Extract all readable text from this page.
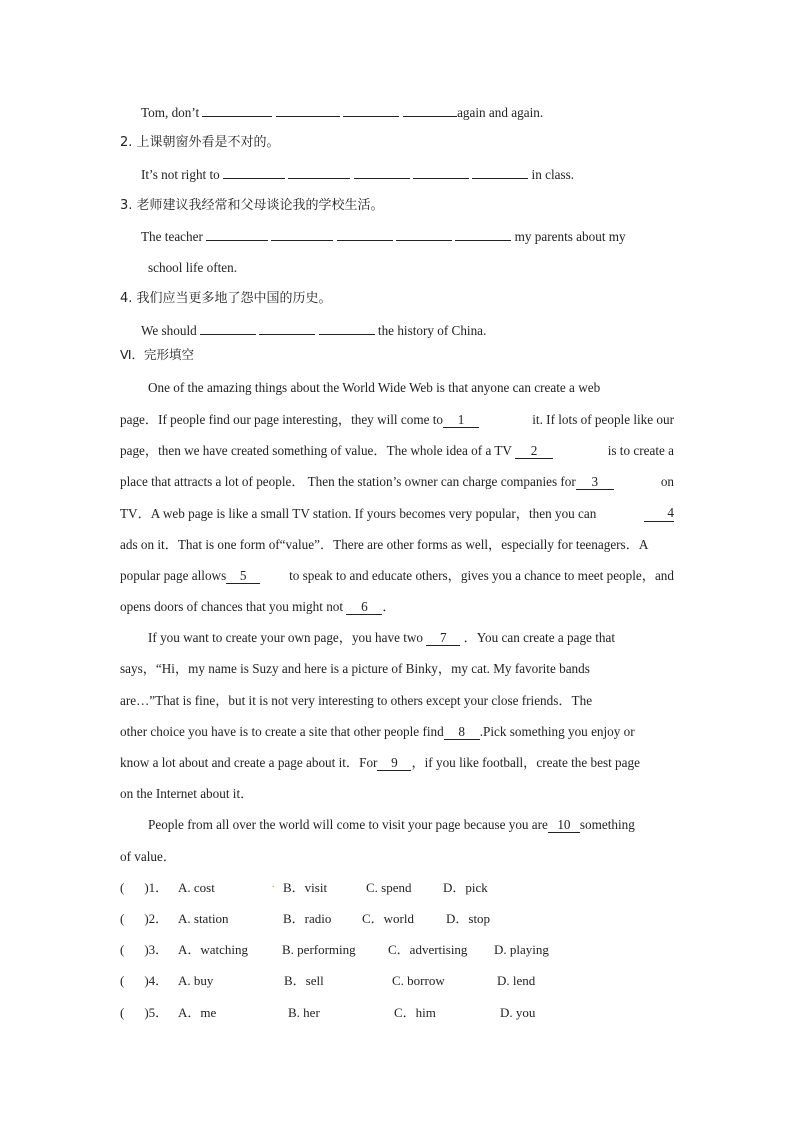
Tom, don’t	again and again.
2. 上课朝窗外看是不对的。
It’s not right to	in class.
3. 老师建议我经常和父母谈论我的学校生活。
The teacher	my parents about my
school life often.
4. 我们应当更多地了怨中国的历史。
We should	the history of China.
Ⅵ．完形填空
One of the amazing things about the World Wide Web is that anyone can create a web
page．If people find our page interesting，they will come to 1	it. If lots of people like our
page，then we have created something of value．The whole idea of a TV 2	is to create a
place that attracts a lot of people． Then the station’s owner can charge companies for 3	on
TV．A web page is like a small TV station. If yours becomes very popular，then you can	4
ads on it．That is one form of“value”．There are other forms as well，especially for teenagers．A
popular page allows 5	to speak to and educate others，gives you a chance to meet people，and
opens doors of chances that you might not 6 ．
If you want to create your own page，you have two 7 ．You can create a page that
says，“Hi，my name is Suzy and here is a picture of Binky，my cat. My favorite bands
are…”That is fine，but it is not very interesting to others except your close friends．The
other choice you have is to create a site that other people find 8 .Pick something you enjoy or
know a lot about and create a page about it．For 9 ，if you like football，create the best page
on the Internet about it．
People from all over the world will come to visit your page because you are 10 something
of value．
( )1． A. cost	. B．visit	C. spend D．pick
( )2． A. station	B．radio C．world D．stop
( )3． A．watching	B. performing C．advertising D. playing
( )4． A. buy	B．sell	C. borrow	D. lend
( )5． A．me	B. her	C．him	D. you
